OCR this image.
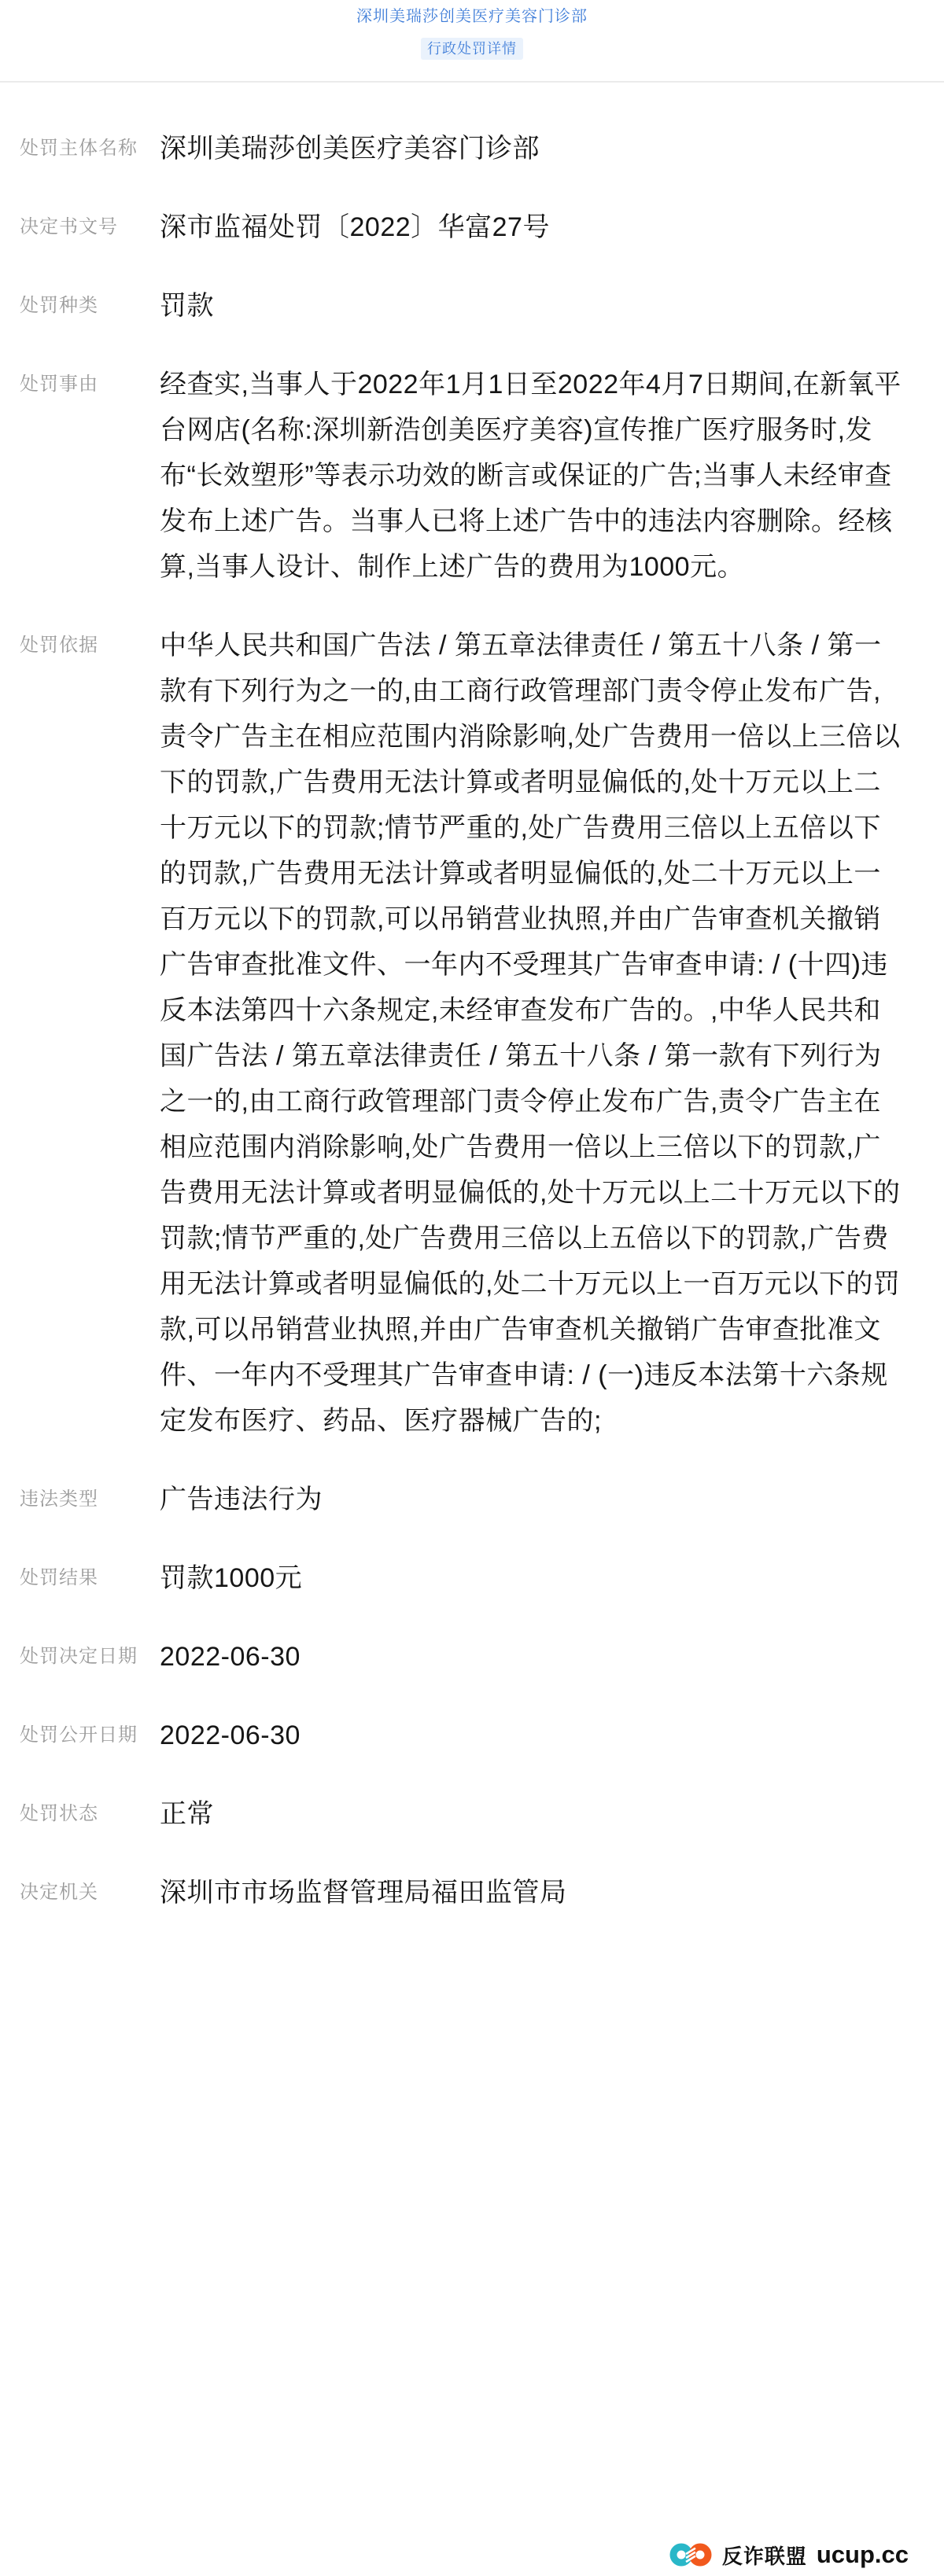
深圳美瑞莎创美医疗美容门诊部
行政处罚详情
处罚主体名称 深圳美瑞莎创美医疗美容门诊部
决定书文号	深市监福处罚〔2022〕华富27号
处罚种类	罚款
处罚事由	经查实,当事人于2022年1月1日至2022年4月7日期间,在新氧平台网店(名称:深圳新浩创美医疗美容)宣传推广医疗服务时,发布“长效塑形”等表示功效的断言或保证的广告;当事人未经审查发布上述广告。当事人已将上述广告中的违法内容删除。经核算,当事人设计、制作上述广告的费用为1000元。
处罚依据	中华人民共和国广告法 / 第五章法律责任 / 第五十八条 / 第一款有下列行为之一的,由工商行政管理部门责令停止发布广告,责令广告主在相应范围内消除影响,处广告费用一倍以上三倍以下的罚款,广告费用无法计算或者明显偏低的,处十万元以上二十万元以下的罚款;情节严重的,处广告费用三倍以上五倍以下的罚款,广告费用无法计算或者明显偏低的,处二十万元以上一百万元以下的罚款,可以吊销营业执照,并由广告审查机关撤销广告审查批准文件、一年内不受理其广告审查申请: / (十四)违反本法第四十六条规定,未经审查发布广告的。,中华人民共和国广告法 / 第五章法律责任 / 第五十八条 / 第一款有下列行为之一的,由工商行政管理部门责令停止发布广告,责令广告主在相应范围内消除影响,处广告费用一倍以上三倍以下的罚款,广告费用无法计算或者明显偏低的,处十万元以上二十万元以下的罚款;情节严重的,处广告费用三倍以上五倍以下的罚款,广告费用无法计算或者明显偏低的,处二十万元以上一百万元以下的罚款,可以吊销营业执照,并由广告审查机关撤销广告审查批准文件、一年内不受理其广告审查申请: / (一)违反本法第十六条规定发布医疗、药品、医疗器械广告的;
违法类型	广告违法行为
处罚结果	罚款1000元
处罚决定日期 2022-06-30
处罚公开日期 2022-06-30
处罚状态	正常
决定机关	深圳市市场监督管理局福田监管局
反诈联盟 ucup.cc
